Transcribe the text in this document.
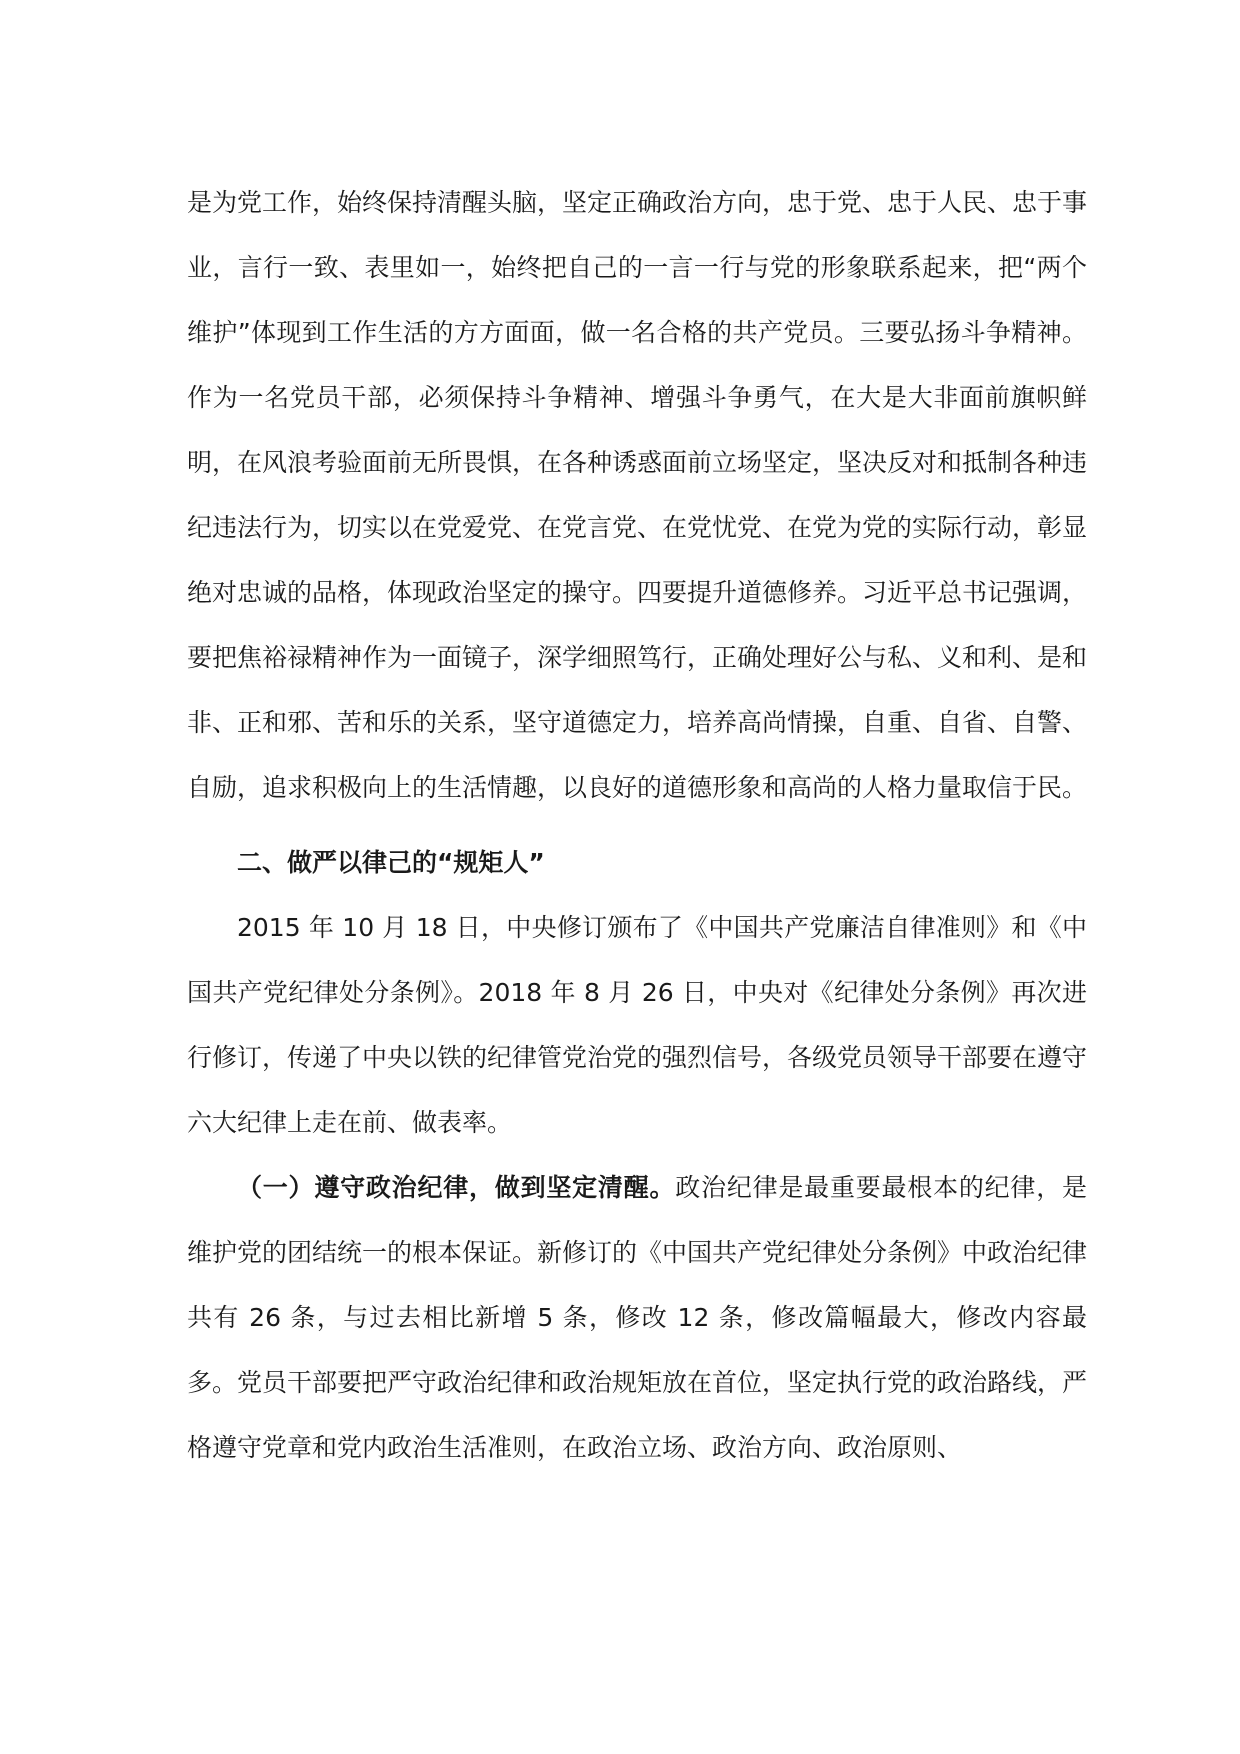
是为党工作，始终保持清醒头脑，坚定正确政治方向，忠于党、忠于人民、忠于事业，言行一致、表里如一，始终把自己的一言一行与党的形象联系起来，把“两个维护”体现到工作生活的方方面面，做一名合格的共产党员。三要弘扬斗争精神。作为一名党员干部，必须保持斗争精神、增强斗争勇气，在大是大非面前旗帜鲜明，在风浪考验面前无所畏惧，在各种诱惑面前立场坚定，坚决反对和抵制各种违纪违法行为，切实以在党爱党、在党言党、在党忧党、在党为党的实际行动，彰显绝对忠诚的品格，体现政治坚定的操守。四要提升道德修养。习近平总书记强调，要把焦裕禄精神作为一面镜子，深学细照笃行，正确处理好公与私、义和利、是和非、正和邪、苦和乐的关系，坚守道德定力，培养高尚情操，自重、自省、自警、自励，追求积极向上的生活情趣，以良好的道德形象和高尚的人格力量取信于民。

二、做严以律己的“规矩人”

2015 年 10 月 18 日，中央修订颁布了《中国共产党廉洁自律准则》和《中国共产党纪律处分条例》。2018 年 8 月 26 日，中央对《纪律处分条例》再次进行修订，传递了中央以铁的纪律管党治党的强烈信号，各级党员领导干部要在遵守六大纪律上走在前、做表率。

（一）遵守政治纪律，做到坚定清醒。政治纪律是最重要最根本的纪律，是维护党的团结统一的根本保证。新修订的《中国共产党纪律处分条例》中政治纪律共有 26 条，与过去相比新增 5 条，修改 12 条，修改篇幅最大，修改内容最多。党员干部要把严守政治纪律和政治规矩放在首位，坚定执行党的政治路线，严格遵守党章和党内政治生活准则，在政治立场、政治方向、政治原则、
